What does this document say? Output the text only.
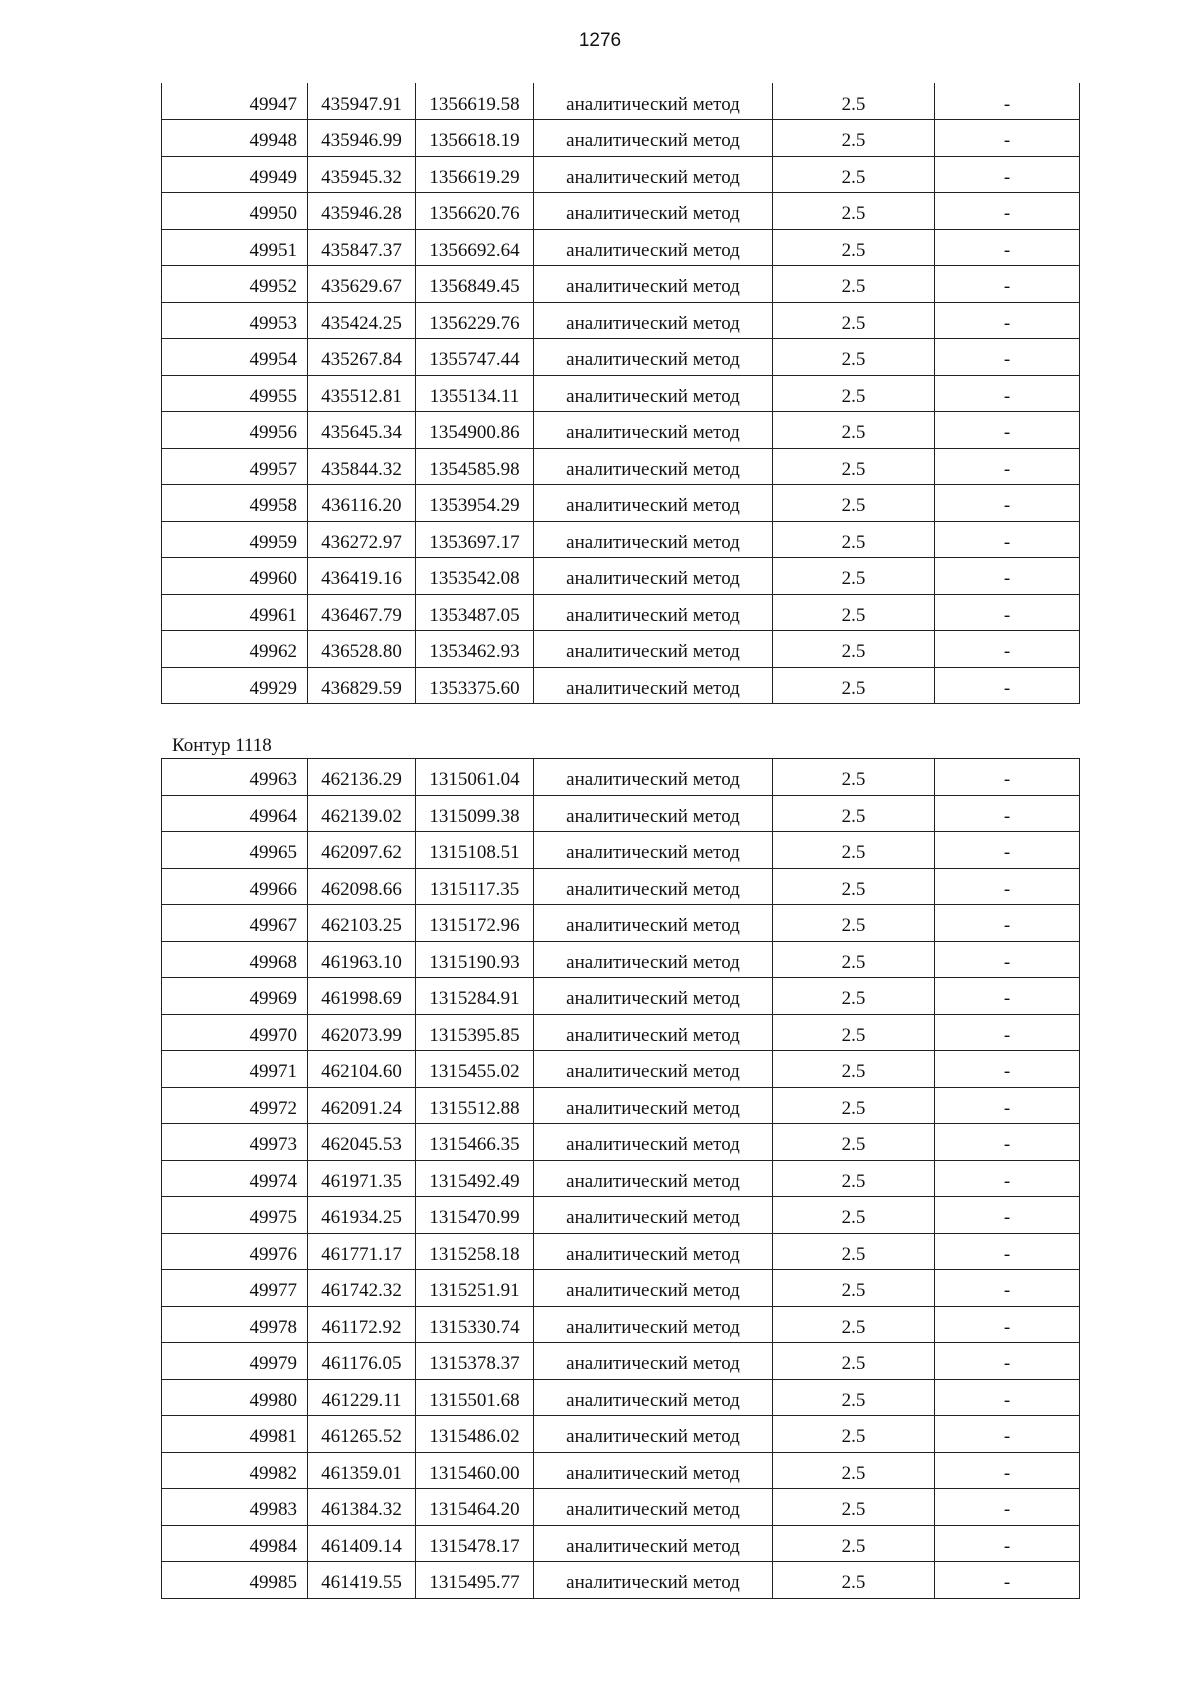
1276
49947	435947.91	1356619.58	аналитический метод	2.5	-
49948	435946.99	1356618.19	аналитический метод	2.5	-
49949	435945.32	1356619.29	аналитический метод	2.5	-
49950	435946.28	1356620.76	аналитический метод	2.5	-
49951	435847.37	1356692.64	аналитический метод	2.5	-
49952	435629.67	1356849.45	аналитический метод	2.5	-
49953	435424.25	1356229.76	аналитический метод	2.5	-
49954	435267.84	1355747.44	аналитический метод	2.5	-
49955	435512.81	1355134.11	аналитический метод	2.5	-
49956	435645.34	1354900.86	аналитический метод	2.5	-
49957	435844.32	1354585.98	аналитический метод	2.5	-
49958	436116.20	1353954.29	аналитический метод	2.5	-
49959	436272.97	1353697.17	аналитический метод	2.5	-
49960	436419.16	1353542.08	аналитический метод	2.5	-
49961	436467.79	1353487.05	аналитический метод	2.5	-
49962	436528.80	1353462.93	аналитический метод	2.5	-
49929	436829.59	1353375.60	аналитический метод	2.5	-
Контур 1118
49963	462136.29	1315061.04	аналитический метод	2.5	-
49964	462139.02	1315099.38	аналитический метод	2.5	-
49965	462097.62	1315108.51	аналитический метод	2.5	-
49966	462098.66	1315117.35	аналитический метод	2.5	-
49967	462103.25	1315172.96	аналитический метод	2.5	-
49968	461963.10	1315190.93	аналитический метод	2.5	-
49969	461998.69	1315284.91	аналитический метод	2.5	-
49970	462073.99	1315395.85	аналитический метод	2.5	-
49971	462104.60	1315455.02	аналитический метод	2.5	-
49972	462091.24	1315512.88	аналитический метод	2.5	-
49973	462045.53	1315466.35	аналитический метод	2.5	-
49974	461971.35	1315492.49	аналитический метод	2.5	-
49975	461934.25	1315470.99	аналитический метод	2.5	-
49976	461771.17	1315258.18	аналитический метод	2.5	-
49977	461742.32	1315251.91	аналитический метод	2.5	-
49978	461172.92	1315330.74	аналитический метод	2.5	-
49979	461176.05	1315378.37	аналитический метод	2.5	-
49980	461229.11	1315501.68	аналитический метод	2.5	-
49981	461265.52	1315486.02	аналитический метод	2.5	-
49982	461359.01	1315460.00	аналитический метод	2.5	-
49983	461384.32	1315464.20	аналитический метод	2.5	-
49984	461409.14	1315478.17	аналитический метод	2.5	-
49985	461419.55	1315495.77	аналитический метод	2.5	-
